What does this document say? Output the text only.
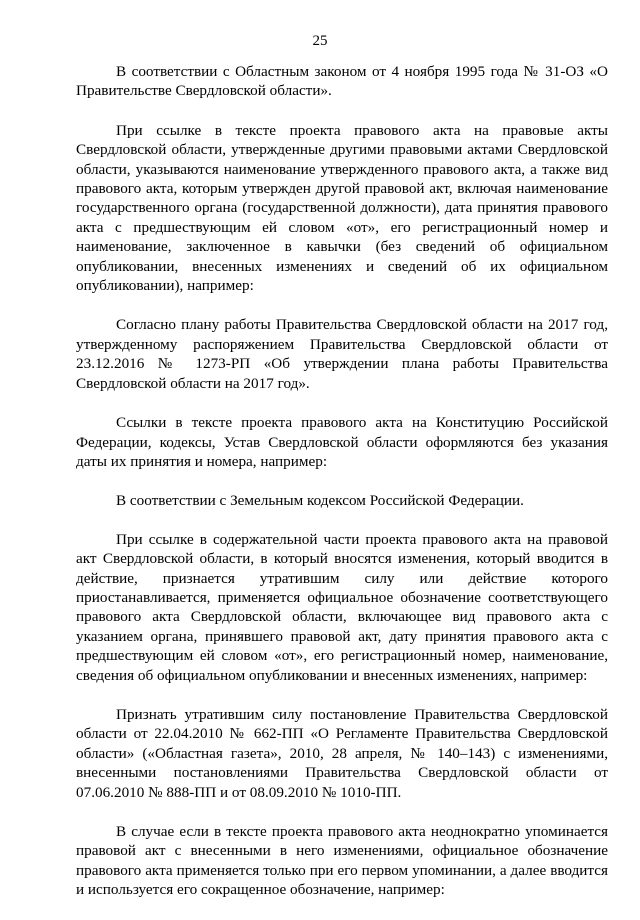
25

В соответствии с Областным законом от 4 ноября 1995 года № 31-ОЗ «О Правительстве Свердловской области».

При ссылке в тексте проекта правового акта на правовые акты Свердловской области, утвержденные другими правовыми актами Свердловской области, указываются наименование утвержденного правового акта, а также вид правового акта, которым утвержден другой правовой акт, включая наименование государственного органа (государственной должности), дата принятия правового акта с предшествующим ей словом «от», его регистрационный номер и наименование, заключенное в кавычки (без сведений об официальном опубликовании, внесенных изменениях и сведений об их официальном опубликовании), например:

Согласно плану работы Правительства Свердловской области на 2017 год, утвержденному распоряжением Правительства Свердловской области от 23.12.2016 № 1273-РП «Об утверждении плана работы Правительства Свердловской области на 2017 год».

Ссылки в тексте проекта правового акта на Конституцию Российской Федерации, кодексы, Устав Свердловской области оформляются без указания даты их принятия и номера, например:

В соответствии с Земельным кодексом Российской Федерации.

При ссылке в содержательной части проекта правового акта на правовой акт Свердловской области, в который вносятся изменения, который вводится в действие, признается утратившим силу или действие которого приостанавливается, применяется официальное обозначение соответствующего правового акта Свердловской области, включающее вид правового акта с указанием органа, принявшего правовой акт, дату принятия правового акта с предшествующим ей словом «от», его регистрационный номер, наименование, сведения об официальном опубликовании и внесенных изменениях, например:

Признать утратившим силу постановление Правительства Свердловской области от 22.04.2010 № 662-ПП «О Регламенте Правительства Свердловской области» («Областная газета», 2010, 28 апреля, № 140–143) с изменениями, внесенными постановлениями Правительства Свердловской области от 07.06.2010 № 888-ПП и от 08.09.2010 № 1010-ПП.

В случае если в тексте проекта правового акта неоднократно упоминается правовой акт с внесенными в него изменениями, официальное обозначение правового акта применяется только при его первом упоминании, а далее вводится и используется его сокращенное обозначение, например:
